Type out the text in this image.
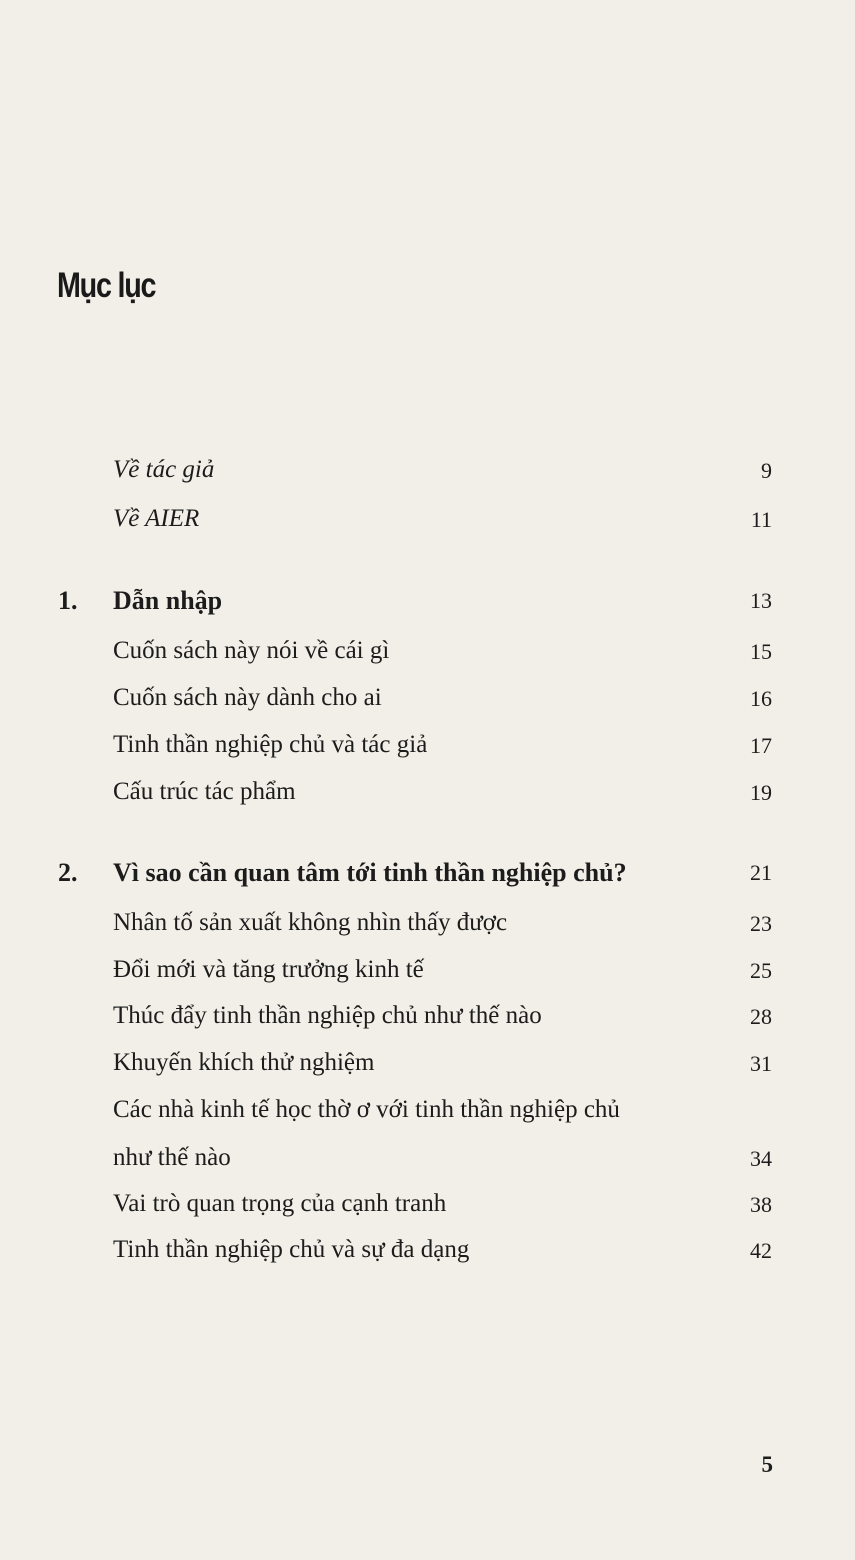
Mục lục
Về tác giả	9
Về AIER	11
1. Dẫn nhập	13
Cuốn sách này nói về cái gì	15
Cuốn sách này dành cho ai	16
Tinh thần nghiệp chủ và tác giả	17
Cấu trúc tác phẩm	19
2. Vì sao cần quan tâm tới tinh thần nghiệp chủ?	21
Nhân tố sản xuất không nhìn thấy được	23
Đổi mới và tăng trưởng kinh tế	25
Thúc đẩy tinh thần nghiệp chủ như thế nào	28
Khuyến khích thử nghiệm	31
Các nhà kinh tế học thờ ơ với tinh thần nghiệp chủ
như thế nào	34
Vai trò quan trọng của cạnh tranh	38
Tinh thần nghiệp chủ và sự đa dạng	42
5
